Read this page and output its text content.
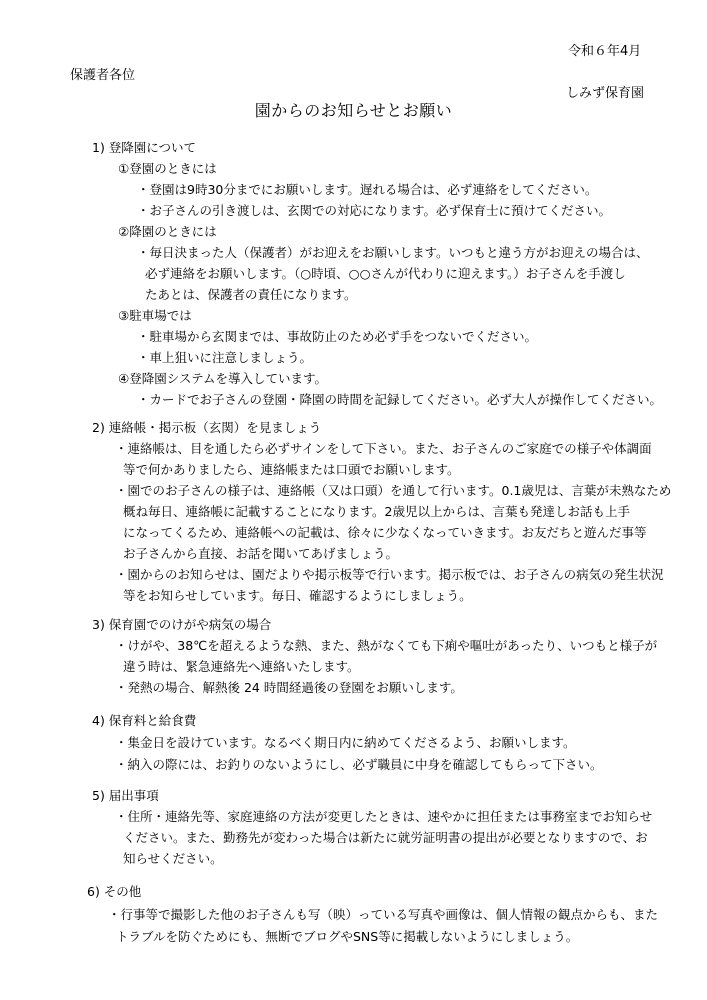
令和６年4月
保護者各位
しみず保育園
園からのお知らせとお願い
1) 登降園について
①登園のときには
・登園は9時30分までにお願いします。遅れる場合は、必ず連絡をしてください。
・お子さんの引き渡しは、玄関での対応になります。必ず保育士に預けてください。
②降園のときには
・毎日決まった人（保護者）がお迎えをお願いします。いつもと違う方がお迎えの場合は、
必ず連絡をお願いします。（○時頃、○○さんが代わりに迎えます。）お子さんを手渡し
たあとは、保護者の責任になります。
③駐車場では
・駐車場から玄関までは、事故防止のため必ず手をつないでください。
・車上狙いに注意しましょう。
④登降園システムを導入しています。
・カードでお子さんの登園・降園の時間を記録してください。必ず大人が操作してください。
2) 連絡帳・掲示板（玄関）を見ましょう
・連絡帳は、目を通したら必ずサインをして下さい。また、お子さんのご家庭での様子や体調面
等で何かありましたら、連絡帳または口頭でお願いします。
・園でのお子さんの様子は、連絡帳（又は口頭）を通して行います。0.1歳児は、言葉が未熟なため
概ね毎日、連絡帳に記載することになります。2歳児以上からは、言葉も発達しお話も上手
になってくるため、連絡帳への記載は、徐々に少なくなっていきます。お友だちと遊んだ事等
お子さんから直接、お話を聞いてあげましょう。
・園からのお知らせは、園だよりや掲示板等で行います。掲示板では、お子さんの病気の発生状況
等をお知らせしています。毎日、確認するようにしましょう。
3) 保育園でのけがや病気の場合
・けがや、38℃を超えるような熱、また、熱がなくても下痢や嘔吐があったり、いつもと様子が
違う時は、緊急連絡先へ連絡いたします。
・発熱の場合、解熱後 24 時間経過後の登園をお願いします。
4) 保育料と給食費
・集金日を設けています。なるべく期日内に納めてくださるよう、お願いします。
・納入の際には、お釣りのないようにし、必ず職員に中身を確認してもらって下さい。
5) 届出事項
・住所・連絡先等、家庭連絡の方法が変更したときは、速やかに担任または事務室までお知らせ
ください。また、勤務先が変わった場合は新たに就労証明書の提出が必要となりますので、お
知らせください。
6) その他
・行事等で撮影した他のお子さんも写（映）っている写真や画像は、個人情報の観点からも、また
トラブルを防ぐためにも、無断でブログやSNS等に掲載しないようにしましょう。
